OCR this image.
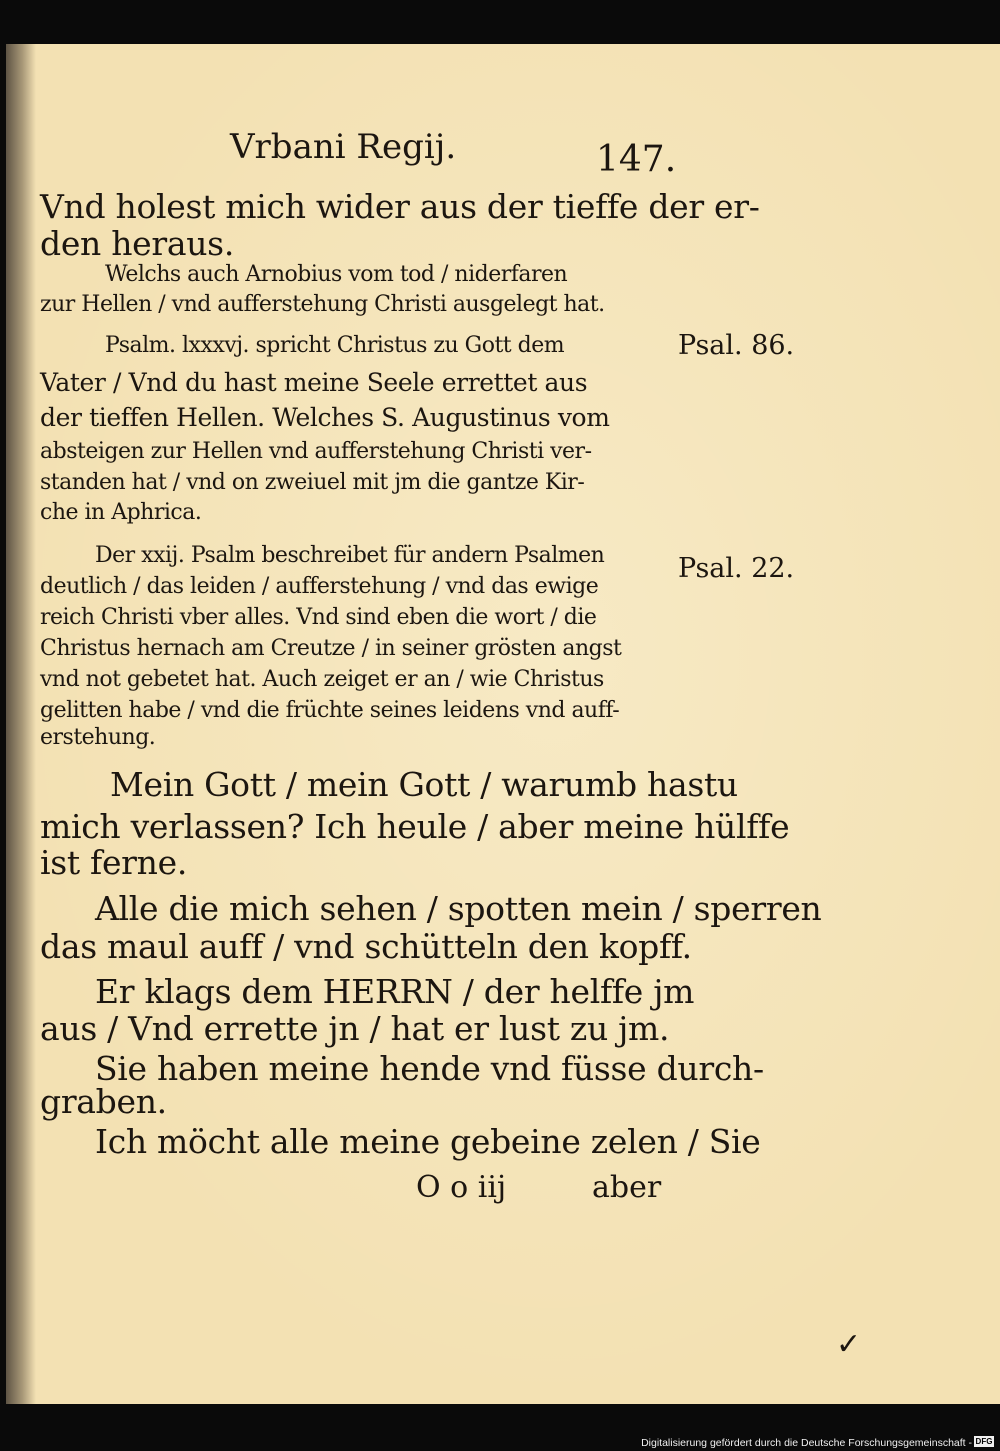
Vrbani Regij.	147.
Vnd holest mich wider aus der tieffe der er-
den heraus.
Welchs auch Arnobius vom tod / niderfaren
zur Hellen / vnd aufferstehung Christi ausgelegt hat.
Psalm. lxxxvj. spricht Christus zu Gott dem
Vater / Vnd du hast meine Seele errettet aus
der tieffen Hellen. Welches S. Augustinus vom
absteigen zur Hellen vnd aufferstehung Christi ver-
standen hat / vnd on zweiuel mit jm die gantze Kir-
che in Aphrica.
Der xxij. Psalm beschreibet für andern Psalmen
deutlich / das leiden / aufferstehung / vnd das ewige
reich Christi vber alles. Vnd sind eben die wort / die
Christus hernach am Creutze / in seiner grösten angst
vnd not gebetet hat. Auch zeiget er an / wie Christus
gelitten habe / vnd die früchte seines leidens vnd auff-
erstehung.
Mein Gott / mein Gott / warumb hastu
mich verlassen? Ich heule / aber meine hülffe
ist ferne.
Alle die mich sehen / spotten mein / sperren
das maul auff / vnd schütteln den kopff.
Er klags dem HERRN / der helffe jm
aus / Vnd errette jn / hat er lust zu jm.
Sie haben meine hende vnd füsse durch-
graben.
Ich möcht alle meine gebeine zelen / Sie
Psal. 86.
Psal. 22.
O o iij	aber
✓
Digitalisierung gefördert durch die Deutsche Forschungsgemeinschaft - DFG
